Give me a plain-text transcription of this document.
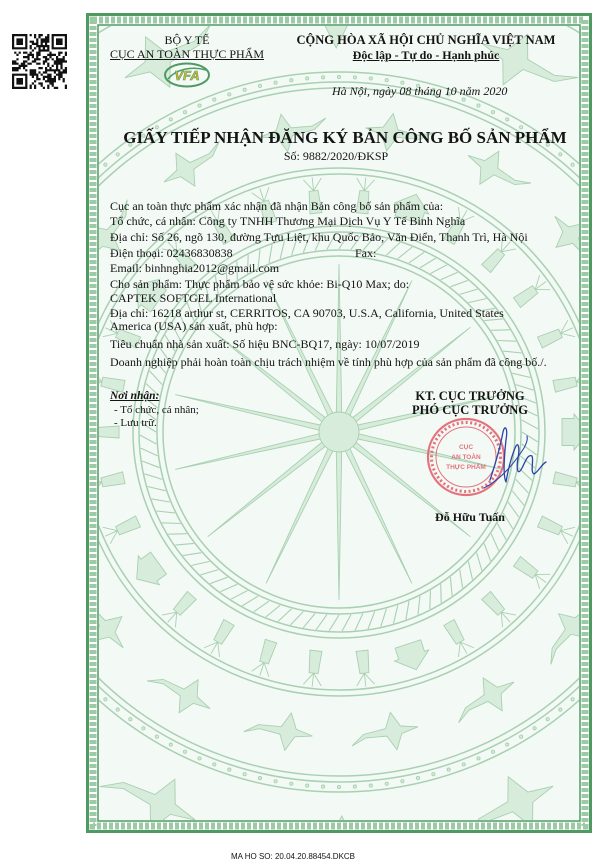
BỘ Y TẾ
CỤC AN TOÀN THỰC PHẨM
VFA
CỘNG HÒA XÃ HỘI CHỦ NGHĨA VIỆT NAM
Độc lập - Tự do - Hạnh phúc
Hà Nội, ngày 08 tháng 10 năm 2020
GIẤY TIẾP NHẬN ĐĂNG KÝ BẢN CÔNG BỐ SẢN PHẨM
Số: 9882/2020/ĐKSP
Cục an toàn thực phẩm xác nhận đã nhận Bản công bố sản phẩm của:
Tổ chức, cá nhân: Công ty TNHH Thương Mại Dịch Vụ Y Tế Bình Nghĩa
Địa chỉ: Số 26, ngõ 130, đường Tựu Liệt, khu Quốc Bảo, Văn Điển, Thanh Trì, Hà Nội
Điện thoại: 02436830838	Fax:
Email: binhnghia2012@gmail.com
Cho sản phẩm: Thực phẩm bảo vệ sức khỏe: Bi-Q10 Max; do:
CAPTEK SOFTGEL International
Địa chỉ: 16218 arthur st, CERRITOS, CA 90703, U.S.A, California, United States
America (USA) sản xuất, phù hợp:
Tiêu chuẩn nhà sản xuất: Số hiệu BNC-BQ17, ngày: 10/07/2019
Doanh nghiệp phải hoàn toàn chịu trách nhiệm về tính phù hợp của sản phẩm đã công bố./.
Nơi nhận:
- Tổ chức, cá nhân;
- Lưu trữ.
KT. CỤC TRƯỞNG
PHÓ CỤC TRƯỞNG
CỤC
AN TOÀN
THỰC PHẨM
Đỗ Hữu Tuấn
MA HO SO: 20.04.20.88454.DKCB
